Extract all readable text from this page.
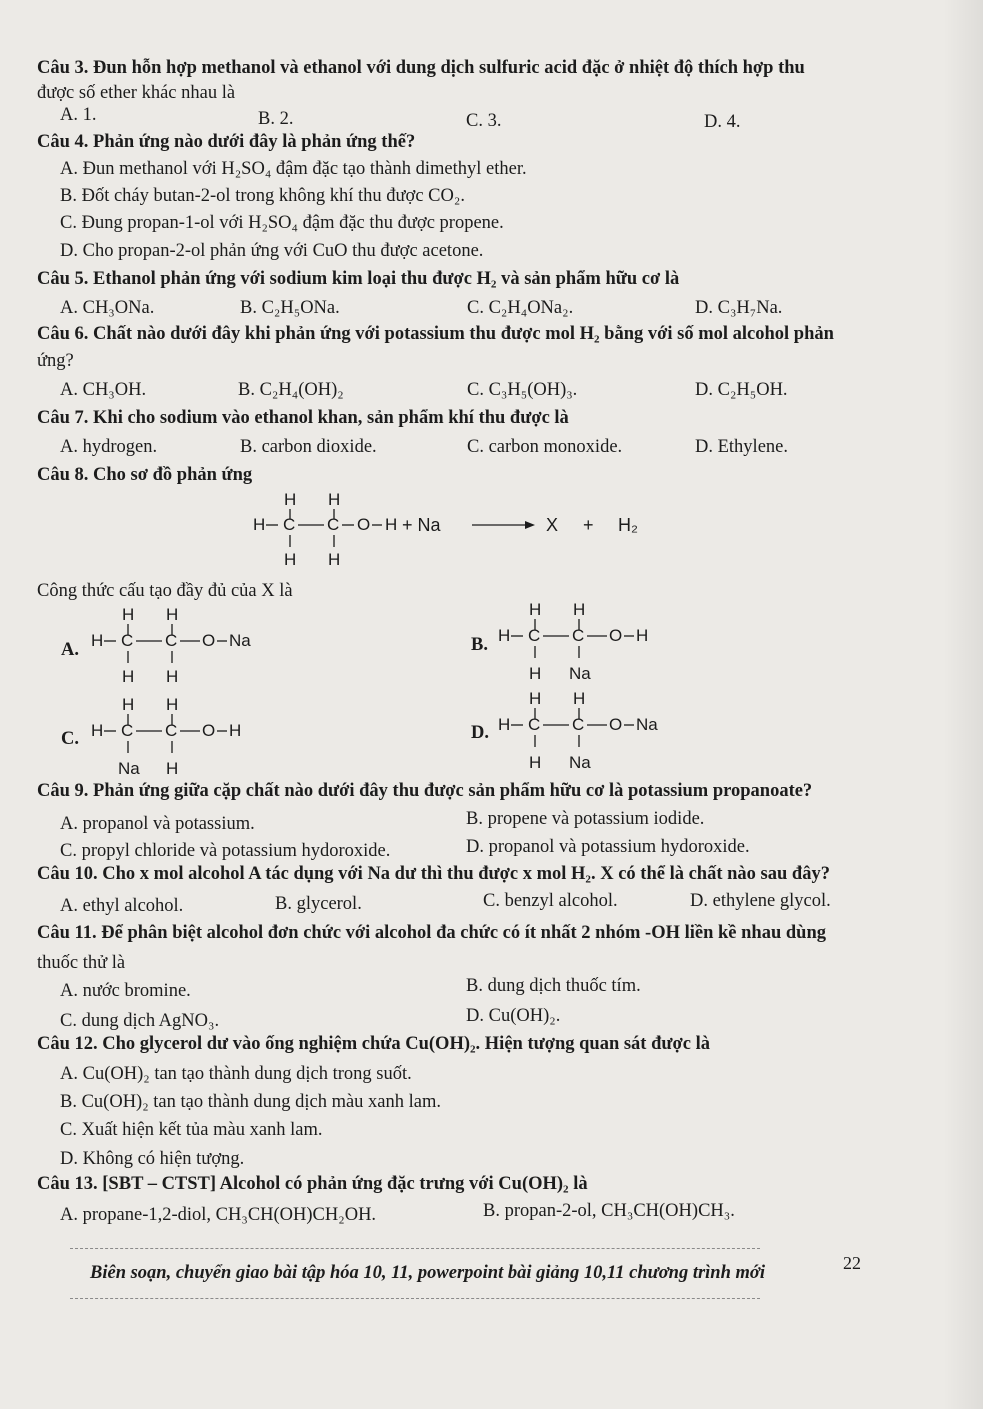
Câu 3. Đun hỗn hợp methanol và ethanol với dung dịch sulfuric acid đặc ở nhiệt độ thích hợp thu
được số ether khác nhau là
A. 1.	B. 2.	C. 3.	D. 4.
Câu 4. Phản ứng nào dưới đây là phản ứng thế?
A. Đun methanol với H₂SO₄ đậm đặc tạo thành dimethyl ether.
B. Đốt cháy butan-2-ol trong không khí thu được CO₂.
C. Đung propan-1-ol với H₂SO₄ đậm đặc thu được propene.
D. Cho propan-2-ol phản ứng với CuO thu được acetone.
Câu 5. Ethanol phản ứng với sodium kim loại thu được H₂ và sản phẩm hữu cơ là
A. CH₃ONa.	B. C₂H₅ONa.	C. C₂H₄ONa₂.	D. C₃H₇Na.
Câu 6. Chất nào dưới đây khi phản ứng với potassium thu được mol H₂ bằng với số mol alcohol phản
ứng?
A. CH₃OH.	B. C₂H₄(OH)₂	C. C₃H₅(OH)₃.	D. C₂H₅OH.
Câu 7. Khi cho sodium vào ethanol khan, sản phẩm khí thu được là
A. hydrogen.	B. carbon dioxide.	C. carbon monoxide.	D. Ethylene.
Câu 8. Cho sơ đồ phản ứng
H H
H C C O H
H H
+ Na	X + H₂
Công thức cấu tạo đầy đủ của X là
A.
H H
H C C O Na
H H
B.
H H
H C C O H
H Na
C.
H H
H C C O H
Na H
D.
H H
H C C O Na
H Na
Câu 9. Phản ứng giữa cặp chất nào dưới đây thu được sản phẩm hữu cơ là potassium propanoate?
A. propanol và potassium.	B. propene và potassium iodide.
C. propyl chloride và potassium hydoroxide.	D. propanol và potassium hydoroxide.
Câu 10. Cho x mol alcohol A tác dụng với Na dư thì thu được x mol H₂. X có thể là chất nào sau đây?
A. ethyl alcohol.	B. glycerol.	C. benzyl alcohol.	D. ethylene glycol.
Câu 11. Để phân biệt alcohol đơn chức với alcohol đa chức có ít nhất 2 nhóm -OH liền kề nhau dùng
thuốc thử là
A. nước bromine.	B. dung dịch thuốc tím.
C. dung dịch AgNO₃.	D. Cu(OH)₂.
Câu 12. Cho glycerol dư vào ống nghiệm chứa Cu(OH)₂. Hiện tượng quan sát được là
A. Cu(OH)₂ tan tạo thành dung dịch trong suốt.
B. Cu(OH)₂ tan tạo thành dung dịch màu xanh lam.
C. Xuất hiện kết tủa màu xanh lam.
D. Không có hiện tượng.
Câu 13. [SBT – CTST] Alcohol có phản ứng đặc trưng với Cu(OH)₂ là
A. propane-1,2-diol, CH₃CH(OH)CH₂OH.	B. propan-2-ol, CH₃CH(OH)CH₃.
Biên soạn, chuyển giao bài tập hóa 10, 11, powerpoint bài giảng 10,11 chương trình mới	22
